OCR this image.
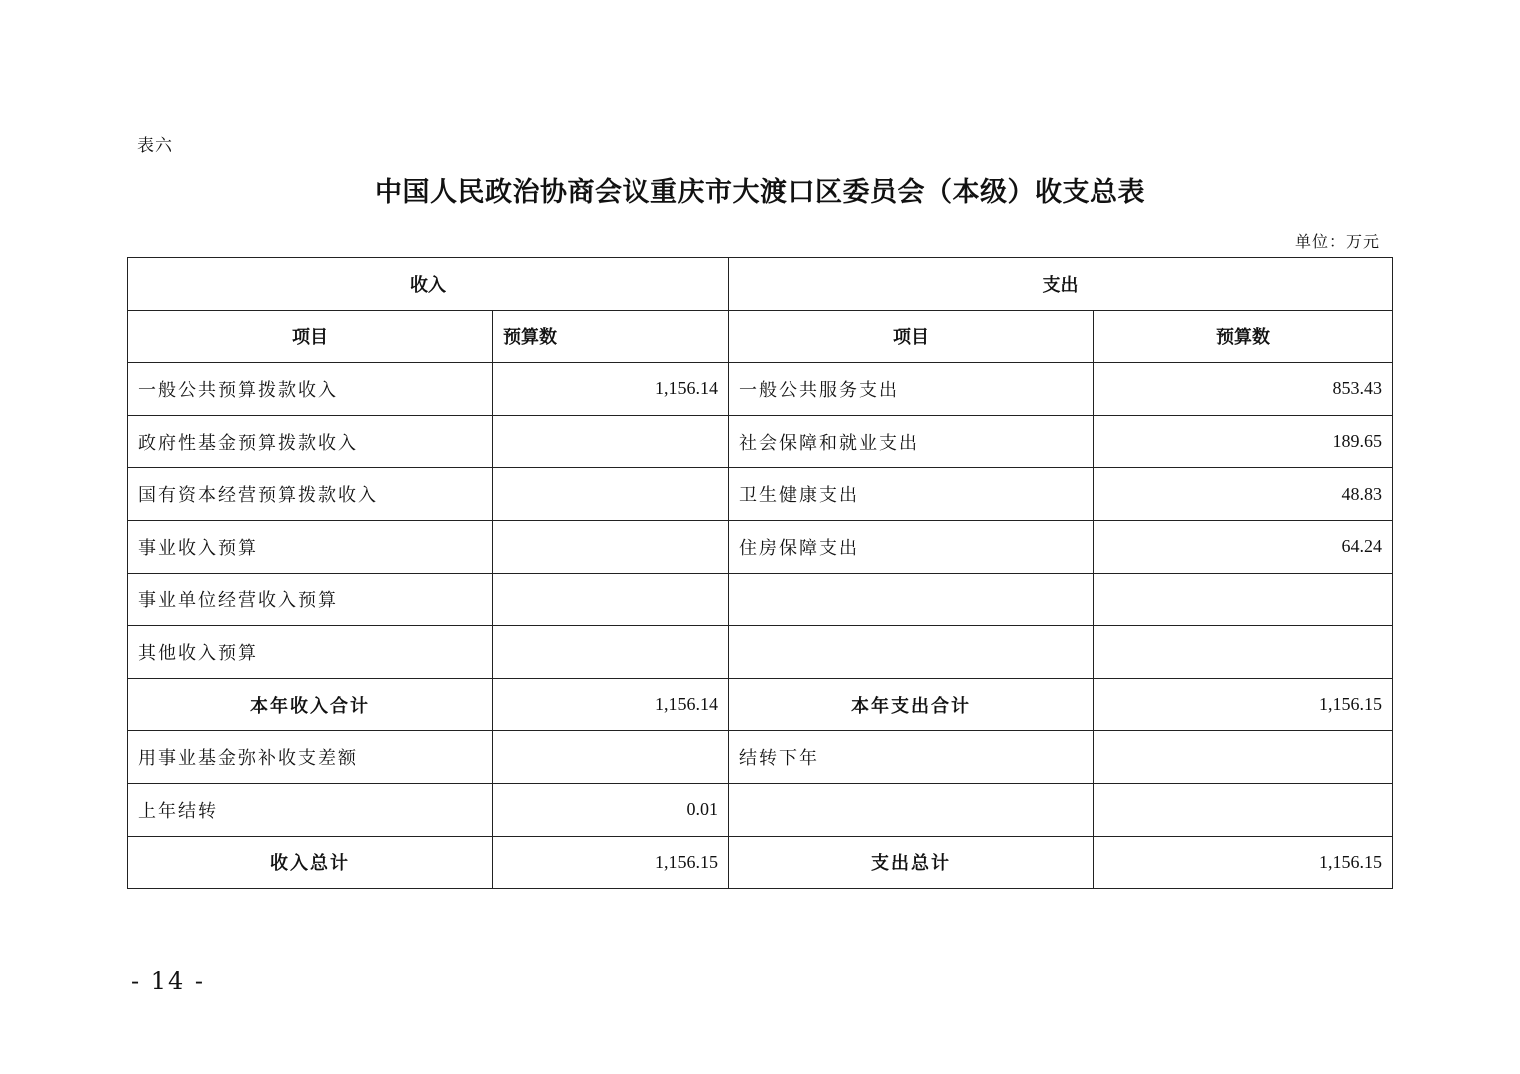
表六
中国人民政治协商会议重庆市大渡口区委员会（本级）收支总表
单位：万元
收入		支出	
项目	预算数	项目	预算数
一般公共预算拨款收入	1,156.14	一般公共服务支出	853.43
政府性基金预算拨款收入		社会保障和就业支出	189.65
国有资本经营预算拨款收入		卫生健康支出	48.83
事业收入预算		住房保障支出	64.24
事业单位经营收入预算			
其他收入预算			
本年收入合计	1,156.14	本年支出合计	1,156.15
用事业基金弥补收支差额		结转下年	
上年结转	0.01		
收入总计	1,156.15	支出总计	1,156.15
- 14 -
